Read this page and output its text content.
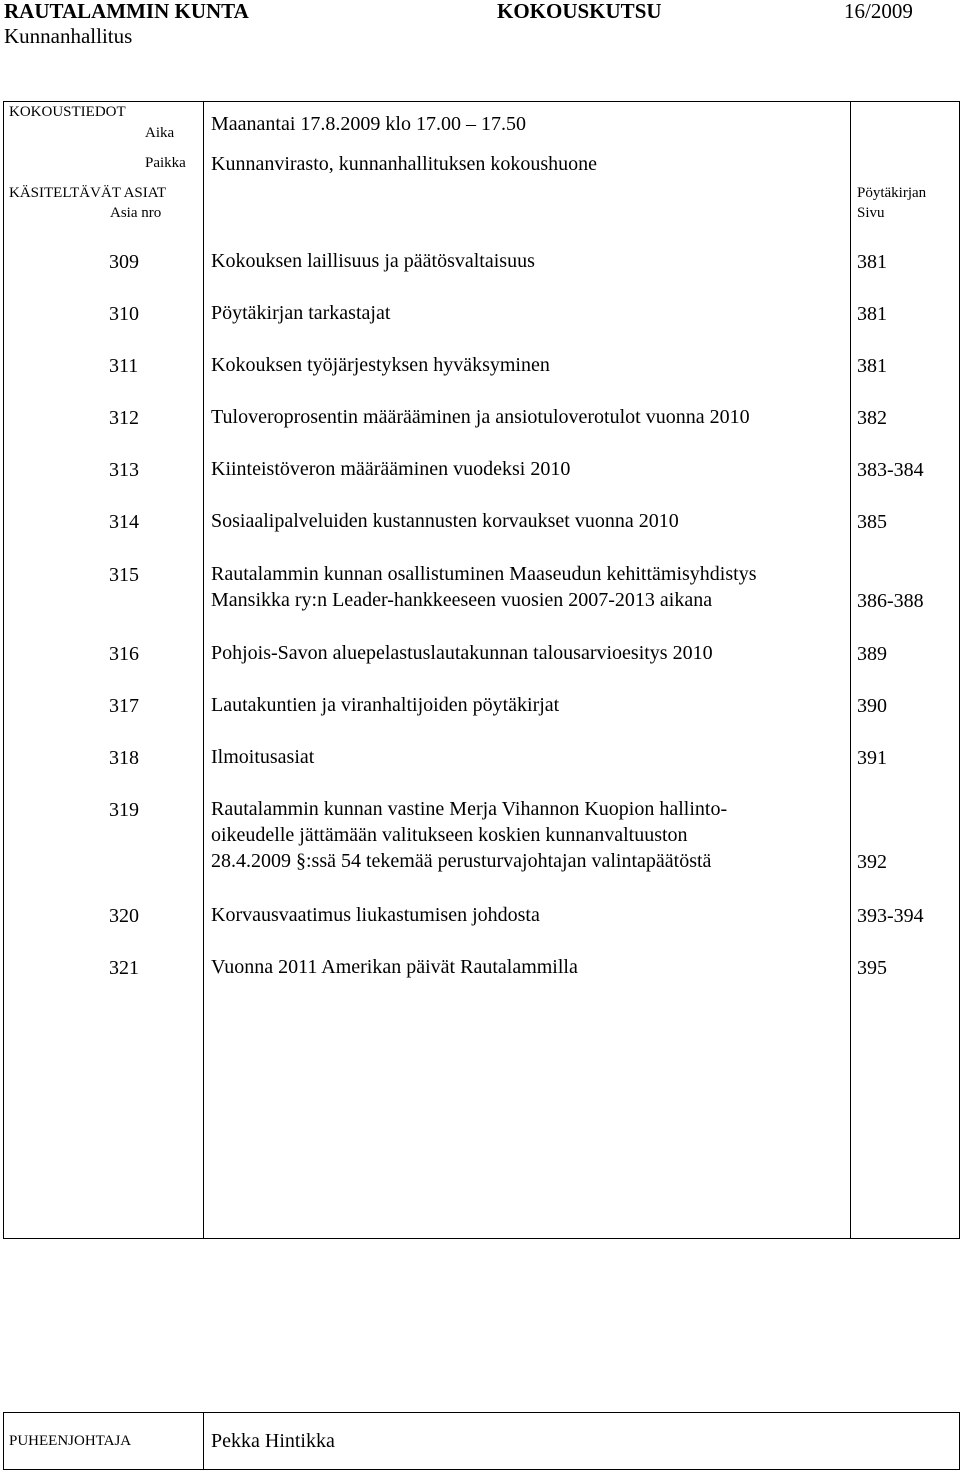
RAUTALAMMIN KUNTA	KOKOUSKUTSU	16/2009
Kunnanhallitus
KOKOUSTIEDOT
Aika Maanantai 17.8.2009 klo 17.00 – 17.50
Paikka Kunnanvirasto, kunnanhallituksen kokoushuone
KÄSITELTÄVÄT ASIAT
Asia nro
Pöytäkirjan
Sivu
309	Kokouksen laillisuus ja päätösvaltaisuus	381
310	Pöytäkirjan tarkastajat	381
311	Kokouksen työjärjestyksen hyväksyminen	381
312	Tuloveroprosentin määrääminen ja ansiotuloverotulot vuonna 2010	382
313	Kiinteistöveron määrääminen vuodeksi 2010	383-384
314	Sosiaalipalveluiden kustannusten korvaukset vuonna 2010	385
315	Rautalammin kunnan osallistuminen Maaseudun kehittämisyhdistys
Mansikka ry:n Leader-hankkeeseen vuosien 2007-2013 aikana	386-388
316	Pohjois-Savon aluepelastuslautakunnan talousarvioesitys 2010	389
317	Lautakuntien ja viranhaltijoiden pöytäkirjat	390
318	Ilmoitusasiat	391
319	Rautalammin kunnan vastine Merja Vihannon Kuopion hallinto-
oikeudelle jättämään valitukseen koskien kunnanvaltuuston
28.4.2009 §:ssä 54 tekemää perusturvajohtajan valintapäätöstä	392
320	Korvausvaatimus liukastumisen johdosta	393-394
321	Vuonna 2011 Amerikan päivät Rautalammilla	395
PUHEENJOHTAJA	Pekka Hintikka
